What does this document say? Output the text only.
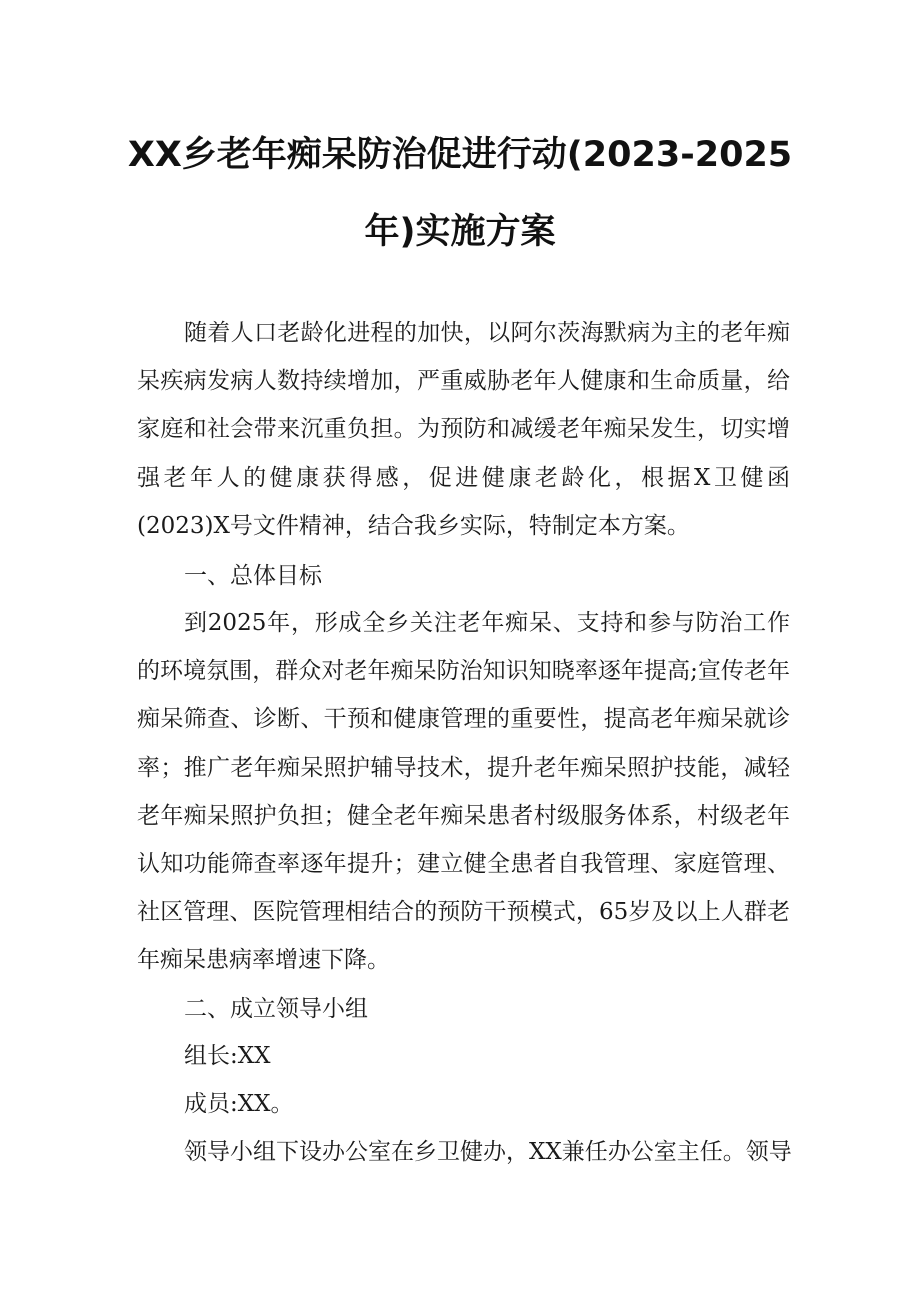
XX乡老年痴呆防治促进行动(2023-2025
年)实施方案

随着人口老龄化进程的加快，以阿尔茨海默病为主的老年痴呆疾病发病人数持续增加，严重威胁老年人健康和生命质量，给家庭和社会带来沉重负担。为预防和减缓老年痴呆发生，切实增强老年人的健康获得感，促进健康老龄化，根据X卫健函(2023)X号文件精神，结合我乡实际，特制定本方案。

一、总体目标

到2025年，形成全乡关注老年痴呆、支持和参与防治工作的环境氛围，群众对老年痴呆防治知识知晓率逐年提高;宣传老年痴呆筛查、诊断、干预和健康管理的重要性，提高老年痴呆就诊率；推广老年痴呆照护辅导技术，提升老年痴呆照护技能，减轻老年痴呆照护负担；健全老年痴呆患者村级服务体系，村级老年认知功能筛查率逐年提升；建立健全患者自我管理、家庭管理、社区管理、医院管理相结合的预防干预模式，65岁及以上人群老年痴呆患病率增速下降。

二、成立领导小组

组长:XX

成员:XX。

领导小组下设办公室在乡卫健办，XX兼任办公室主任。领导
